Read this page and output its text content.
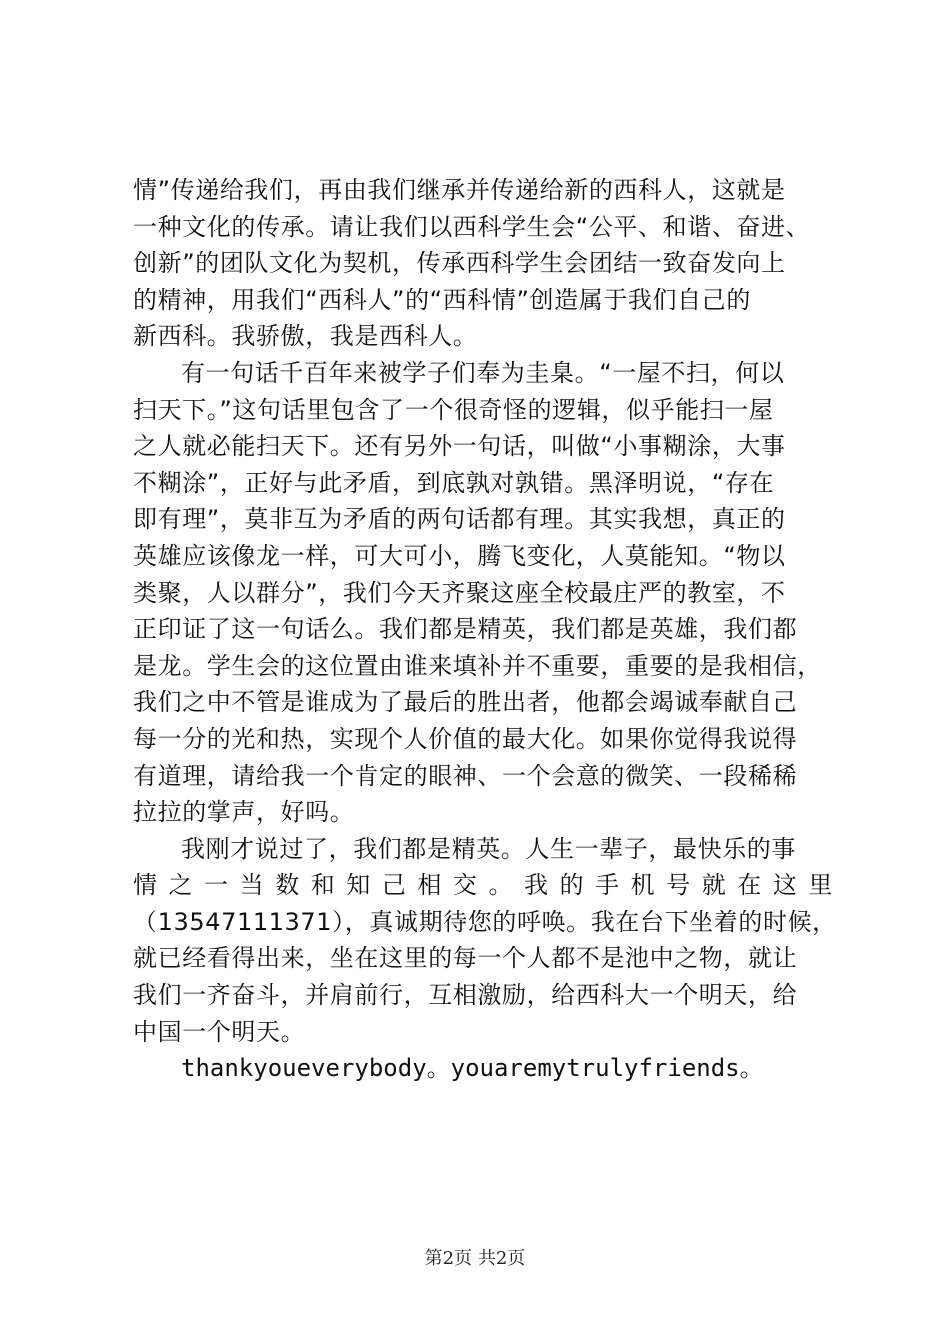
情”传递给我们，再由我们继承并传递给新的西科人，这就是
一种文化的传承。请让我们以西科学生会“公平、和谐、奋进、
创新”的团队文化为契机，传承西科学生会团结一致奋发向上
的精神，用我们“西科人”的“西科情”创造属于我们自己的
新西科。我骄傲，我是西科人。
有一句话千百年来被学子们奉为圭臬。“一屋不扫，何以
扫天下。”这句话里包含了一个很奇怪的逻辑，似乎能扫一屋
之人就必能扫天下。还有另外一句话，叫做“小事糊涂，大事
不糊涂”，正好与此矛盾，到底孰对孰错。黑泽明说，“存在
即有理”，莫非互为矛盾的两句话都有理。其实我想，真正的
英雄应该像龙一样，可大可小，腾飞变化，人莫能知。“物以
类聚，人以群分”，我们今天齐聚这座全校最庄严的教室，不
正印证了这一句话么。我们都是精英，我们都是英雄，我们都
是龙。学生会的这位置由谁来填补并不重要，重要的是我相信，
我们之中不管是谁成为了最后的胜出者，他都会竭诚奉献自己
每一分的光和热，实现个人价值的最大化。如果你觉得我说得
有道理，请给我一个肯定的眼神、一个会意的微笑、一段稀稀
拉拉的掌声，好吗。
我刚才说过了，我们都是精英。人生一辈子，最快乐的事
情 之 一 当 数 和 知 己 相 交 。 我 的 手 机 号 就 在 这 里
（13547111371），真诚期待您的呼唤。我在台下坐着的时候，
就已经看得出来，坐在这里的每一个人都不是池中之物，就让
我们一齐奋斗，并肩前行，互相激励，给西科大一个明天，给
中国一个明天。
thankyoueverybody。youaremytrulyfriends。
第2页 共2页
